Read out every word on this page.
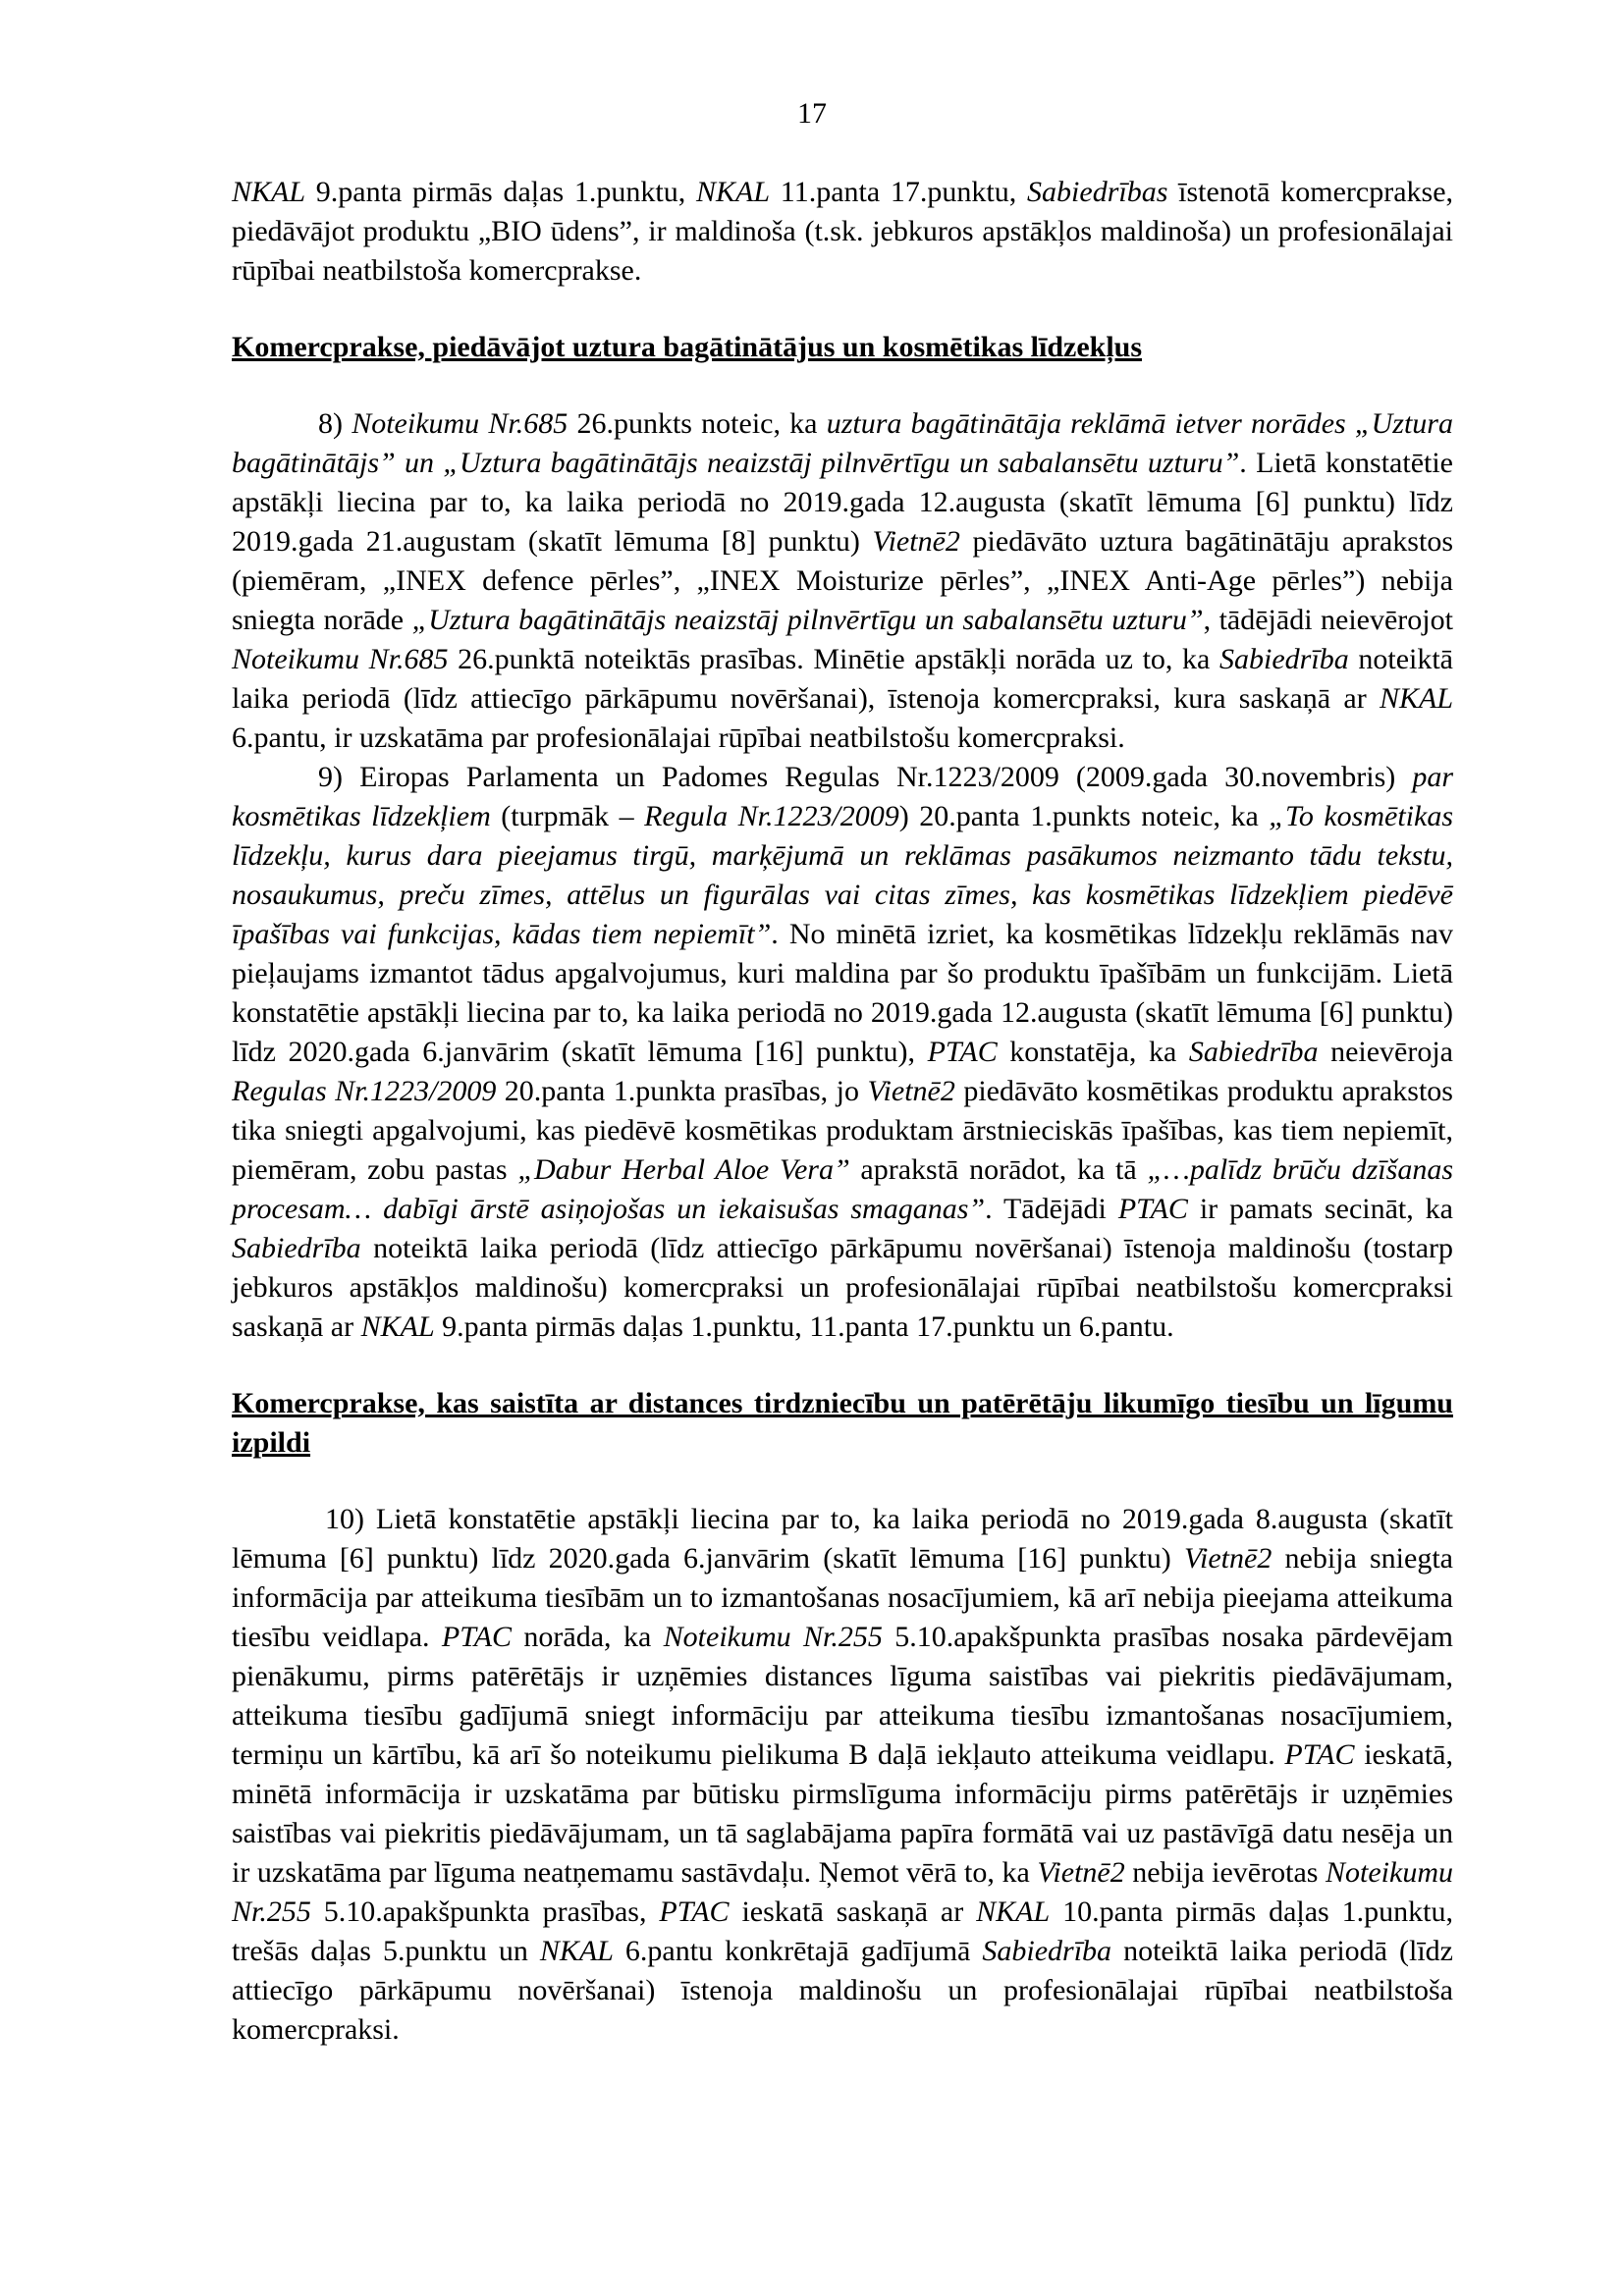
17

NKAL 9.panta pirmās daļas 1.punktu, NKAL 11.panta 17.punktu, Sabiedrības īstenotā komercprakse, piedāvājot produktu „BIO ūdens”, ir maldinoša (t.sk. jebkuros apstākļos maldinoša) un profesionālajai rūpībai neatbilstoša komercprakse.

Komercprakse, piedāvājot uztura bagātinātājus un kosmētikas līdzekļus

8) Noteikumu Nr.685 26.punkts noteic, ka uztura bagātinātāja reklāmā ietver norādes „Uztura bagātinātājs” un „Uztura bagātinātājs neaizstāj pilnvērtīgu un sabalansētu uzturu”. Lietā konstatētie apstākļi liecina par to, ka laika periodā no 2019.gada 12.augusta (skatīt lēmuma [6] punktu) līdz 2019.gada 21.augustam (skatīt lēmuma [8] punktu) Vietnē2 piedāvāto uztura bagātinātāju aprakstos (piemēram, „INEX defence pērles”, „INEX Moisturize pērles”, „INEX Anti-Age pērles”) nebija sniegta norāde „Uztura bagātinātājs neaizstāj pilnvērtīgu un sabalansētu uzturu”, tādējādi neievērojot Noteikumu Nr.685 26.punktā noteiktās prasības. Minētie apstākļi norāda uz to, ka Sabiedrība noteiktā laika periodā (līdz attiecīgo pārkāpumu novēršanai), īstenoja komercpraksi, kura saskaņā ar NKAL 6.pantu, ir uzskatāma par profesionālajai rūpībai neatbilstošu komercpraksi.

9) Eiropas Parlamenta un Padomes Regulas Nr.1223/2009 (2009.gada 30.novembris) par kosmētikas līdzekļiem (turpmāk – Regula Nr.1223/2009) 20.panta 1.punkts noteic, ka „To kosmētikas līdzekļu, kurus dara pieejamus tirgū, marķējumā un reklāmas pasākumos neizmanto tādu tekstu, nosaukumus, preču zīmes, attēlus un figurālas vai citas zīmes, kas kosmētikas līdzekļiem piedēvē īpašības vai funkcijas, kādas tiem nepiemīt”. No minētā izriet, ka kosmētikas līdzekļu reklāmās nav pieļaujams izmantot tādus apgalvojumus, kuri maldina par šo produktu īpašībām un funkcijām. Lietā konstatētie apstākļi liecina par to, ka laika periodā no 2019.gada 12.augusta (skatīt lēmuma [6] punktu) līdz 2020.gada 6.janvārim (skatīt lēmuma [16] punktu), PTAC konstatēja, ka Sabiedrība neievēroja Regulas Nr.1223/2009 20.panta 1.punkta prasības, jo Vietnē2 piedāvāto kosmētikas produktu aprakstos tika sniegti apgalvojumi, kas piedēvē kosmētikas produktam ārstnieciskās īpašības, kas tiem nepiemīt, piemēram, zobu pastas „Dabur Herbal Aloe Vera” aprakstā norādot, ka tā „…palīdz brūču dzīšanas procesam… dabīgi ārstē asiņojošas un iekaisušas smaganas”. Tādējādi PTAC ir pamats secināt, ka Sabiedrība noteiktā laika periodā (līdz attiecīgo pārkāpumu novēršanai) īstenoja maldinošu (tostarp jebkuros apstākļos maldinošu) komercpraksi un profesionālajai rūpībai neatbilstošu komercpraksi saskaņā ar NKAL 9.panta pirmās daļas 1.punktu, 11.panta 17.punktu un 6.pantu.

Komercprakse, kas saistīta ar distances tirdzniecību un patērētāju likumīgo tiesību un līgumu izpildi

10) Lietā konstatētie apstākļi liecina par to, ka laika periodā no 2019.gada 8.augusta (skatīt lēmuma [6] punktu) līdz 2020.gada 6.janvārim (skatīt lēmuma [16] punktu) Vietnē2 nebija sniegta informācija par atteikuma tiesībām un to izmantošanas nosacījumiem, kā arī nebija pieejama atteikuma tiesību veidlapa. PTAC norāda, ka Noteikumu Nr.255 5.10.apakšpunkta prasības nosaka pārdevējam pienākumu, pirms patērētājs ir uzņēmies distances līguma saistības vai piekritis piedāvājumam, atteikuma tiesību gadījumā sniegt informāciju par atteikuma tiesību izmantošanas nosacījumiem, termiņu un kārtību, kā arī šo noteikumu pielikuma B daļā iekļauto atteikuma veidlapu. PTAC ieskatā, minētā informācija ir uzskatāma par būtisku pirmslīguma informāciju pirms patērētājs ir uzņēmies saistības vai piekritis piedāvājumam, un tā saglabājama papīra formātā vai uz pastāvīgā datu nesēja un ir uzskatāma par līguma neatņemamu sastāvdaļu. Ņemot vērā to, ka Vietnē2 nebija ievērotas Noteikumu Nr.255 5.10.apakšpunkta prasības, PTAC ieskatā saskaņā ar NKAL 10.panta pirmās daļas 1.punktu, trešās daļas 5.punktu un NKAL 6.pantu konkrētajā gadījumā Sabiedrība noteiktā laika periodā (līdz attiecīgo pārkāpumu novēršanai) īstenoja maldinošu un profesionālajai rūpībai neatbilstoša komercpraksi.
